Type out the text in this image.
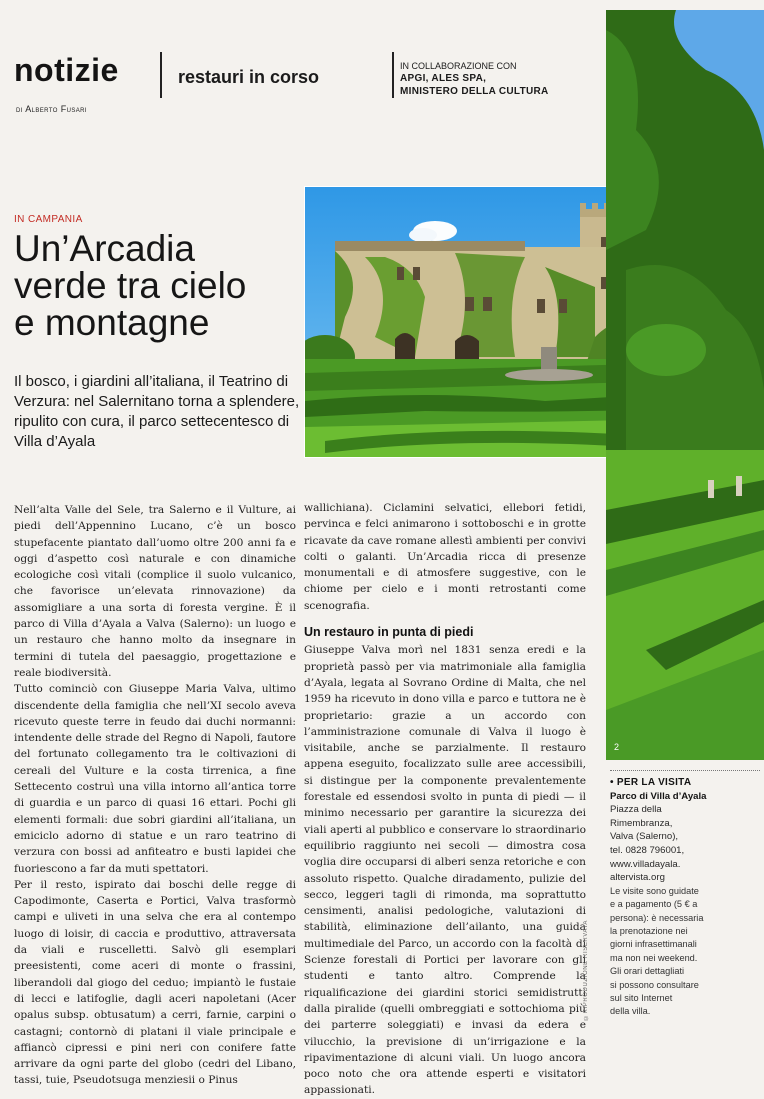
notizie	restauri in corso
IN COLLABORAZIONE CON
APGI, ALES SPA,
MINISTERO DELLA CULTURA
di Alberto Fusari
IN CAMPANIA
Un’Arcadia
verde tra cielo
e montagne
Il bosco, i giardini all’italiana, il Teatrino di Verzura: nel Salernitano torna a splendere, ripulito con cura, il parco settecentesco di Villa d’Ayala
2

Nell’alta Valle del Sele, tra Salerno e il Vulture, ai piedi dell’Appennino Lucano, c’è un bosco stupefacente piantato dall’uomo oltre 200 anni fa e oggi d’aspetto così naturale e con dinamiche ecologiche così vitali (complice il suolo vulcanico, che favorisce un’elevata rinnovazione) da assomigliare a una sorta di foresta vergine. È il parco di Villa d’Ayala a Valva (Salerno): un luogo e un restauro che hanno molto da insegnare in termini di tutela del paesaggio, progettazione e reale biodiversità.

Tutto cominciò con Giuseppe Maria Valva, ultimo discendente della famiglia che nell’XI secolo aveva ricevuto queste terre in feudo dai duchi normanni: intendente delle strade del Regno di Napoli, fautore del fortunato collegamento tra le coltivazioni di cereali del Vulture e la costa tirrenica, a fine Settecento costruì una villa intorno all’antica torre di guardia e un parco di quasi 16 ettari. Pochi gli elementi formali: due sobri giardini all’italiana, un emiciclo adorno di statue e un raro teatrino di verzura con bossi ad anfiteatro e busti lapidei che fuoriescono a far da muti spettatori.

Per il resto, ispirato dai boschi delle regge di Capodimonte, Caserta e Portici, Valva trasformò campi e uliveti in una selva che era al contempo luogo di loisir, di caccia e produttivo, attraversata da viali e ruscelletti. Salvò gli esemplari preesistenti, come aceri di monte o frassini, liberandoli dal giogo del ceduo; impiantò le fustaie di lecci e latifoglie, dagli aceri napoletani (Acer opalus subsp. obtusatum) a cerri, farnie, carpini o castagni; contornò di platani il viale principale e affiancò cipressi e pini neri con conifere fatte arrivare da ogni parte del globo (cedri del Libano, tassi, tuie, Pseudotsuga menziesii o Pinus

wallichiana). Ciclamini selvatici, ellebori fetidi, pervinca e felci animarono i sottoboschi e in grotte ricavate da cave romane allestì ambienti per convivi colti o galanti. Un’Arcadia ricca di presenze monumentali e di atmosfere suggestive, con le chiome per cielo e i monti retrostanti come scenografia.

Un restauro in punta di piedi

Giuseppe Valva morì nel 1831 senza eredi e la proprietà passò per via matrimoniale alla famiglia d’Ayala, legata al Sovrano Ordine di Malta, che nel 1959 ha ricevuto in dono villa e parco e tuttora ne è proprietario: grazie a un accordo con l’amministrazione comunale di Valva il luogo è visitabile, anche se parzialmente. Il restauro appena eseguito, focalizzato sulle aree accessibili, si distingue per la componente prevalentemente forestale ed essendosi svolto in punta di piedi — il minimo necessario per garantire la sicurezza dei viali aperti al pubblico e conservare lo straordinario equilibrio raggiunto nei secoli — dimostra cosa voglia dire occuparsi di alberi senza retoriche e con assoluto rispetto. Qualche diradamento, pulizie del secco, leggeri tagli di rimonda, ma soprattutto censimenti, analisi pedologiche, valutazioni di stabilità, eliminazione dell’ailanto, una guida multimediale del Parco, un accordo con la facoltà di Scienze forestali di Portici per lavorare con gli studenti e tanto altro. Comprende la riqualificazione dei giardini storici semidistrutti dalla piralide (quelli ombreggiati e sottochioma più dei parterre soleggiati) e invasi da edera e vilucchio, la previsione di un’irrigazione e la ripavimentazione di alcuni viali. Un luogo ancora poco noto che ora attende esperti e visitatori appassionati.

©RIPRODUZIONE RISERVATA
• PER LA VISITA
Parco di Villa d’Ayala
Piazza della
Rimembranza,
Valva (Salerno),
tel. 0828 796001,
www.villadayala.
altervista.org
Le visite sono guidate
e a pagamento (5 € a
persona): è necessaria
la prenotazione nei
giorni infrasettimanali
ma non nei weekend.
Gli orari dettagliati
si possono consultare
sul sito Internet
della villa.
